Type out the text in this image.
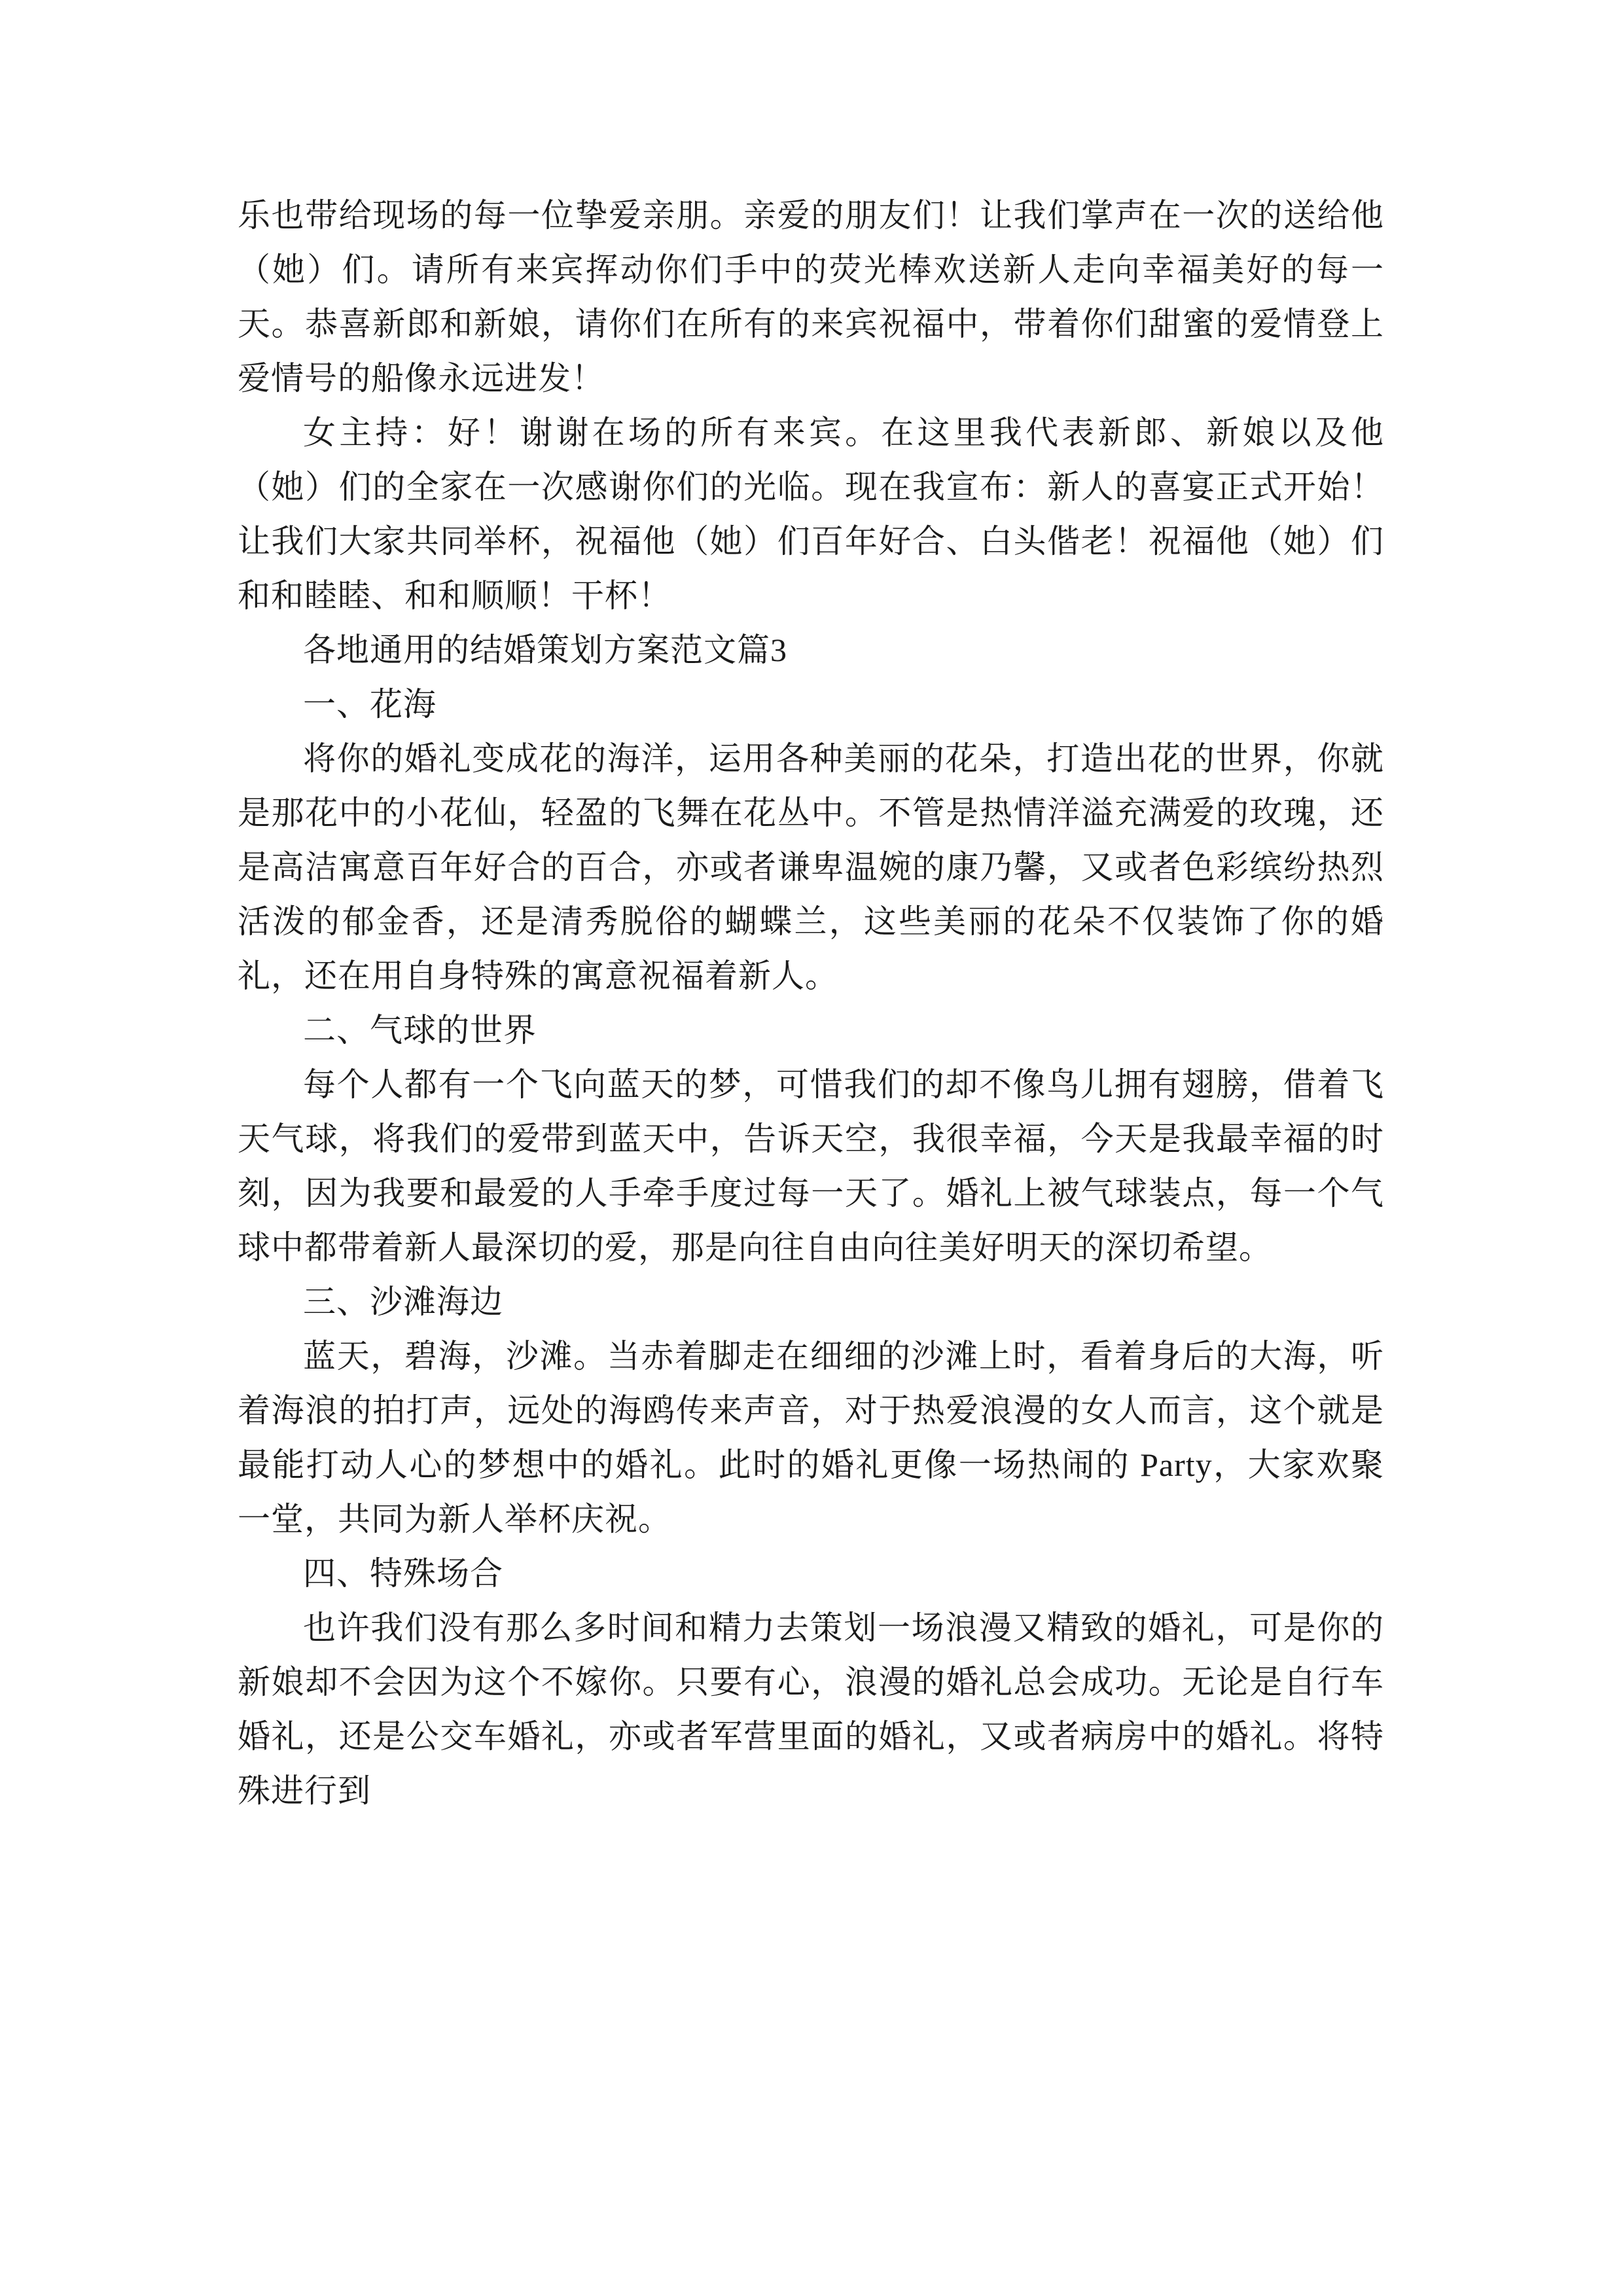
乐也带给现场的每一位挚爱亲朋。亲爱的朋友们！让我们掌声在一次的送给他（她）们。请所有来宾挥动你们手中的荧光棒欢送新人走向幸福美好的每一天。恭喜新郎和新娘，请你们在所有的来宾祝福中，带着你们甜蜜的爱情登上爱情号的船像永远进发！

女主持：好！谢谢在场的所有来宾。在这里我代表新郎、新娘以及他（她）们的全家在一次感谢你们的光临。现在我宣布：新人的喜宴正式开始！让我们大家共同举杯，祝福他（她）们百年好合、白头偕老！祝福他（她）们和和睦睦、和和顺顺！干杯！

各地通用的结婚策划方案范文篇3

一、花海

将你的婚礼变成花的海洋，运用各种美丽的花朵，打造出花的世界，你就是那花中的小花仙，轻盈的飞舞在花丛中。不管是热情洋溢充满爱的玫瑰，还是高洁寓意百年好合的百合，亦或者谦卑温婉的康乃馨，又或者色彩缤纷热烈活泼的郁金香，还是清秀脱俗的蝴蝶兰，这些美丽的花朵不仅装饰了你的婚礼，还在用自身特殊的寓意祝福着新人。

二、气球的世界

每个人都有一个飞向蓝天的梦，可惜我们的却不像鸟儿拥有翅膀，借着飞天气球，将我们的爱带到蓝天中，告诉天空，我很幸福，今天是我最幸福的时刻，因为我要和最爱的人手牵手度过每一天了。婚礼上被气球装点，每一个气球中都带着新人最深切的爱，那是向往自由向往美好明天的深切希望。

三、沙滩海边

蓝天，碧海，沙滩。当赤着脚走在细细的沙滩上时，看着身后的大海，听着海浪的拍打声，远处的海鸥传来声音，对于热爱浪漫的女人而言，这个就是最能打动人心的梦想中的婚礼。此时的婚礼更像一场热闹的 Party，大家欢聚一堂，共同为新人举杯庆祝。

四、特殊场合

也许我们没有那么多时间和精力去策划一场浪漫又精致的婚礼，可是你的新娘却不会因为这个不嫁你。只要有心，浪漫的婚礼总会成功。无论是自行车婚礼，还是公交车婚礼，亦或者军营里面的婚礼，又或者病房中的婚礼。将特殊进行到
